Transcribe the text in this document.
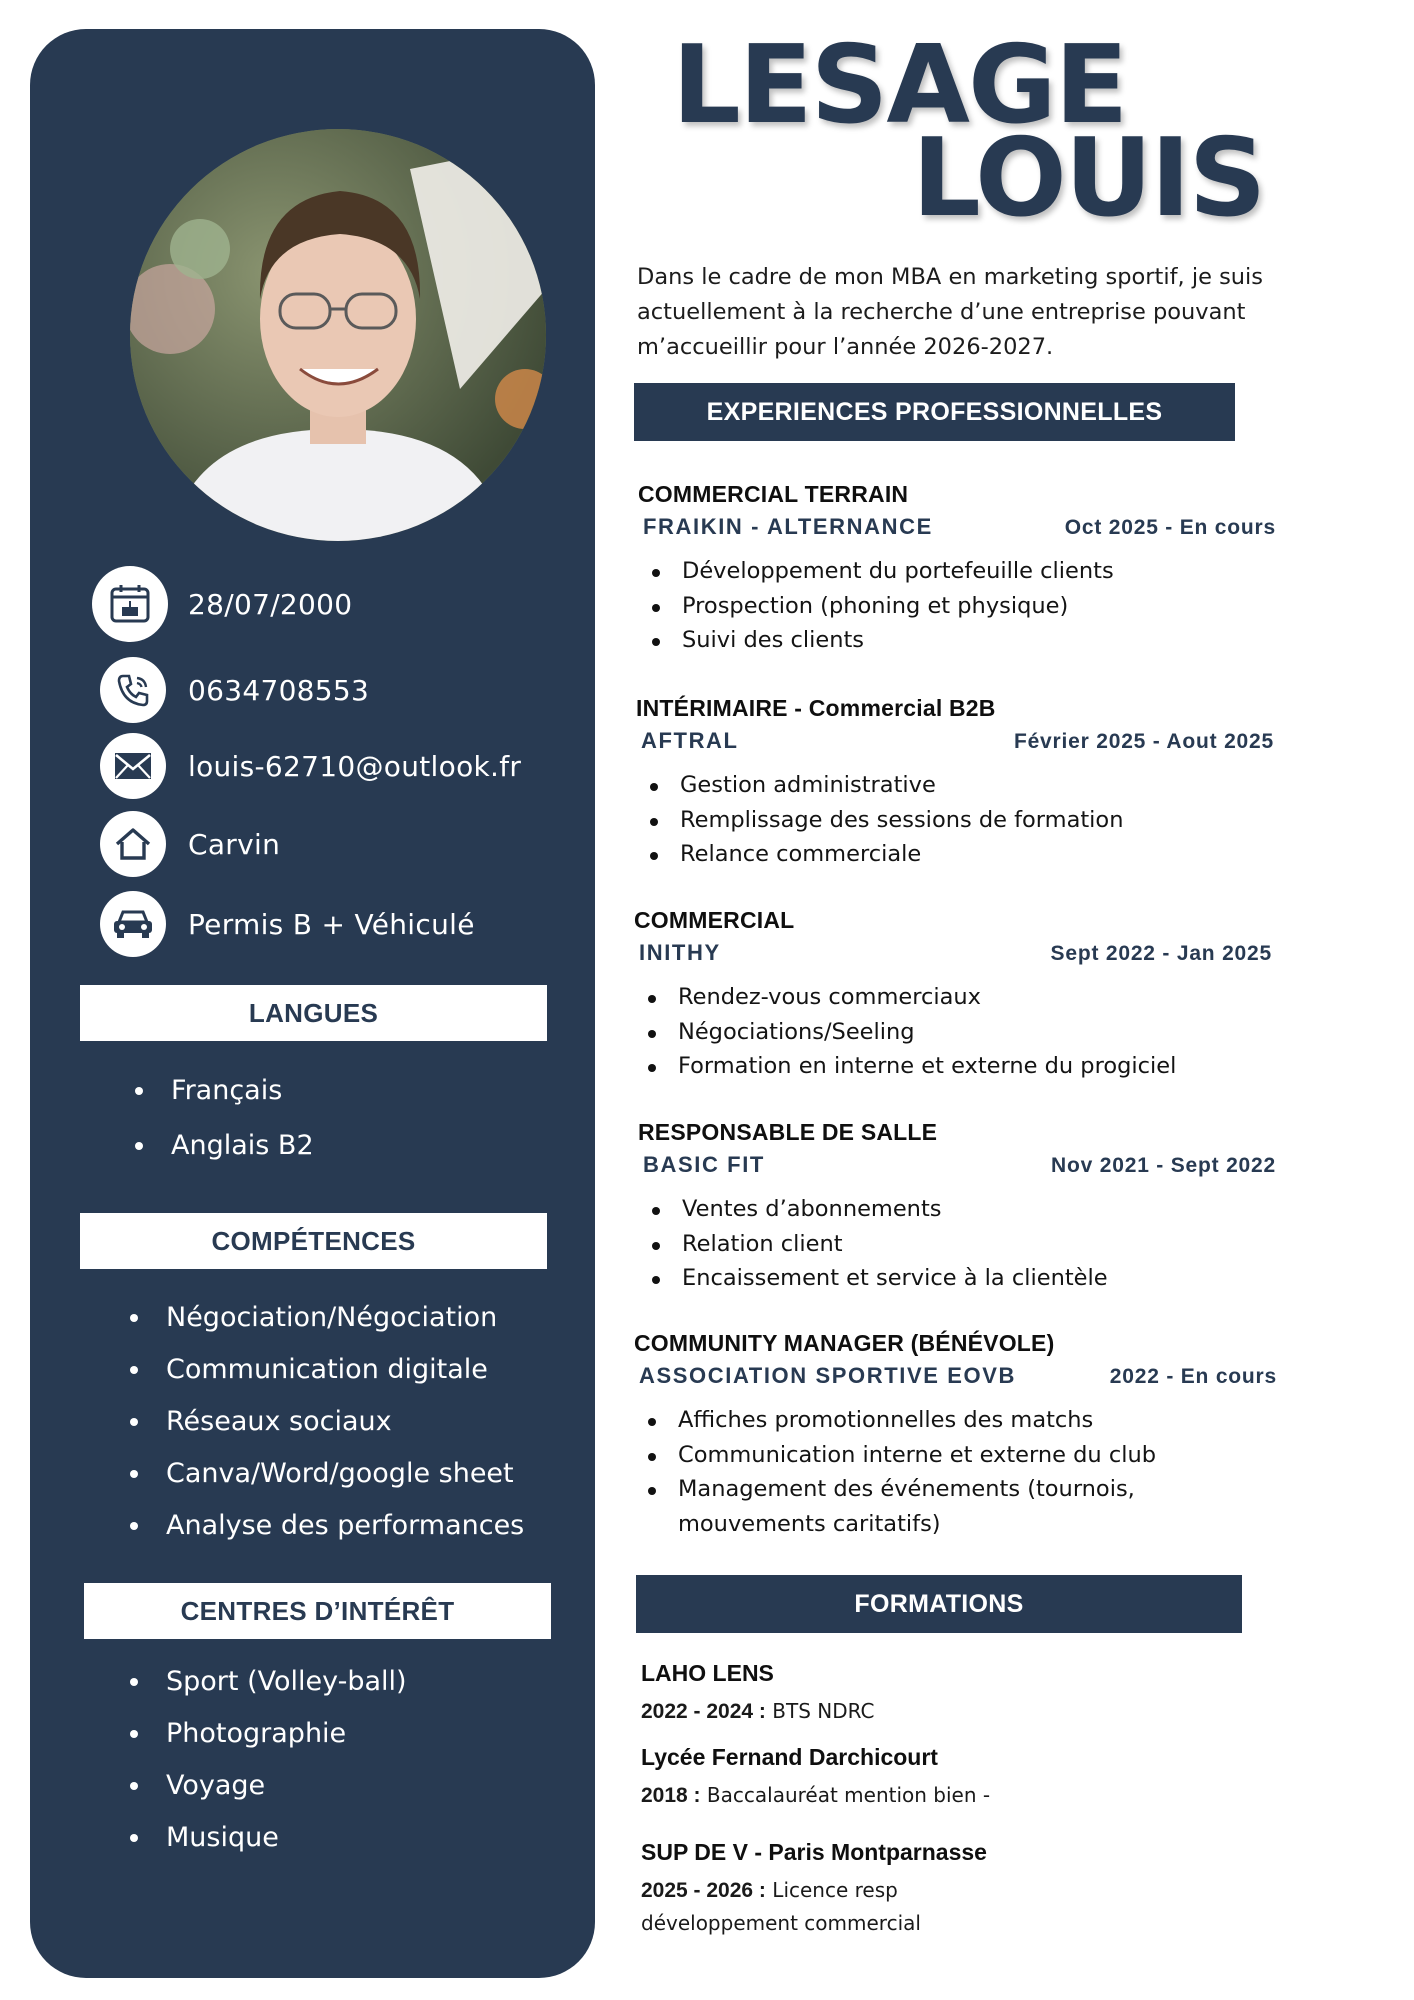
28/07/2000
0634708553
louis-62710@outlook.fr
Carvin
Permis B + Véhiculé
LANGUES
Français
Anglais B2
COMPÉTENCES
Négociation/Négociation
Communication digitale
Réseaux sociaux
Canva/Word/google sheet
Analyse des performances
CENTRES D’INTÉRÊT
Sport (Volley-ball)
Photographie
Voyage
Musique
LESAGE
LOUIS

Dans le cadre de mon MBA en marketing sportif, je suis actuellement à la recherche d’une entreprise pouvant m’accueillir pour l’année 2026-2027.

EXPERIENCES PROFESSIONNELLES
COMMERCIAL TERRAIN
FRAIKIN - ALTERNANCE	Oct 2025 - En cours
Développement du portefeuille clients
Prospection (phoning et physique)
Suivi des clients
INTÉRIMAIRE - Commercial B2B
AFTRAL	Février 2025 - Aout 2025
Gestion administrative
Remplissage des sessions de formation
Relance commerciale
COMMERCIAL
INITHY	Sept 2022 - Jan 2025
Rendez-vous commerciaux
Négociations/Seeling
Formation en interne et externe du progiciel
RESPONSABLE DE SALLE
BASIC FIT	Nov 2021 - Sept 2022
Ventes d’abonnements
Relation client
Encaissement et service à la clientèle
COMMUNITY MANAGER (BÉNÉVOLE)
ASSOCIATION SPORTIVE EOVB	2022 - En cours
Affiches promotionnelles des matchs
Communication interne et externe du club
Management des événements (tournois, mouvements caritatifs)
FORMATIONS
LAHO LENS
2022 - 2024 : BTS NDRC
Lycée Fernand Darchicourt
2018 : Baccalauréat mention bien -
SUP DE V - Paris Montparnasse
2025 - 2026 : Licence resp développement commercial
